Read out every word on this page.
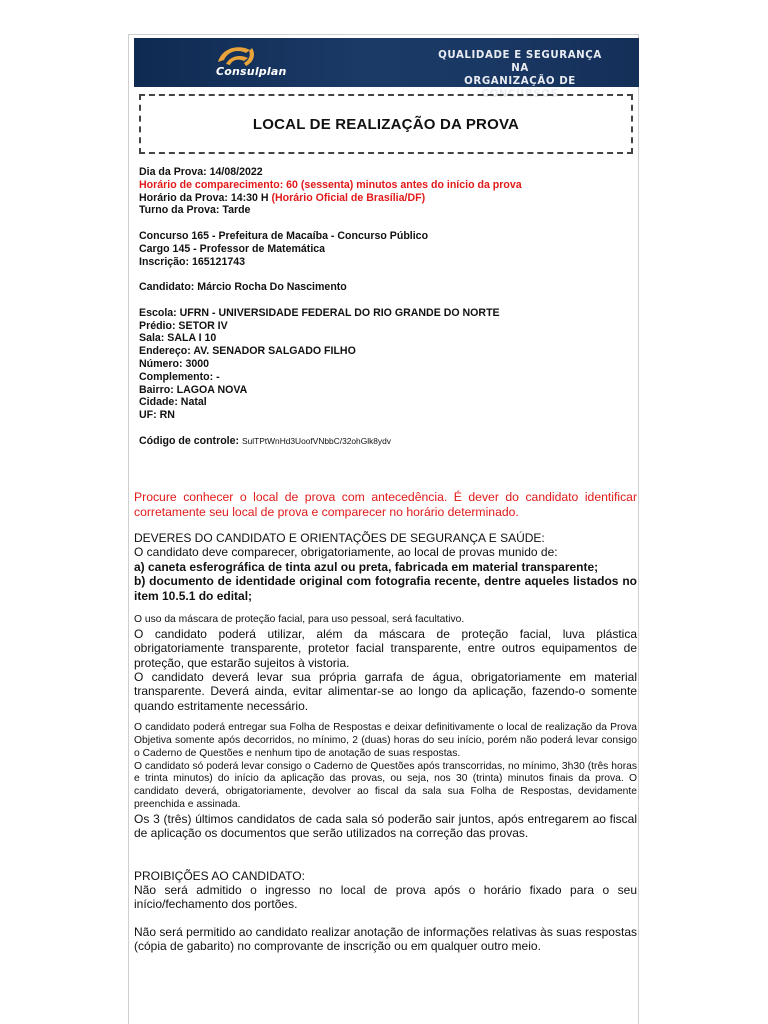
Consulplan
QUALIDADE E SEGURANÇA NA
ORGANIZAÇÃO DE CONCURSOS
LOCAL DE REALIZAÇÃO DA PROVA
Dia da Prova: 14/08/2022
Horário de comparecimento: 60 (sessenta) minutos antes do início da prova
Horário da Prova: 14:30 H (Horário Oficial de Brasília/DF)
Turno da Prova: Tarde
Concurso 165 - Prefeitura de Macaíba - Concurso Público
Cargo 145 - Professor de Matemática
Inscrição: 165121743
Candidato: Márcio Rocha Do Nascimento
Escola: UFRN - UNIVERSIDADE FEDERAL DO RIO GRANDE DO NORTE
Prédio: SETOR IV
Sala: SALA I 10
Endereço: AV. SENADOR SALGADO FILHO
Número: 3000
Complemento: -
Bairro: LAGOA NOVA
Cidade: Natal
UF: RN
Código de controle: SulTPtWnHd3UoofVNbbC/32ohGlk8ydv

Procure conhecer o local de prova com antecedência. É dever do candidato identificar corretamente seu local de prova e comparecer no horário determinado.

DEVERES DO CANDIDATO E ORIENTAÇÕES DE SEGURANÇA E SAÚDE:

O candidato deve comparecer, obrigatoriamente, ao local de provas munido de:

a) caneta esferográfica de tinta azul ou preta, fabricada em material transparente;

b) documento de identidade original com fotografia recente, dentre aqueles listados no item 10.5.1 do edital;

O uso da máscara de proteção facial, para uso pessoal, será facultativo.

O candidato poderá utilizar, além da máscara de proteção facial, luva plástica obrigatoriamente transparente, protetor facial transparente, entre outros equipamentos de proteção, que estarão sujeitos à vistoria.

O candidato deverá levar sua própria garrafa de água, obrigatoriamente em material transparente. Deverá ainda, evitar alimentar-se ao longo da aplicação, fazendo-o somente quando estritamente necessário.

O candidato poderá entregar sua Folha de Respostas e deixar definitivamente o local de realização da Prova Objetiva somente após decorridos, no mínimo, 2 (duas) horas do seu início, porém não poderá levar consigo o Caderno de Questões e nenhum tipo de anotação de suas respostas.

O candidato só poderá levar consigo o Caderno de Questões após transcorridas, no mínimo, 3h30 (três horas e trinta minutos) do início da aplicação das provas, ou seja, nos 30 (trinta) minutos finais da prova. O candidato deverá, obrigatoriamente, devolver ao fiscal da sala sua Folha de Respostas, devidamente preenchida e assinada.

Os 3 (três) últimos candidatos de cada sala só poderão sair juntos, após entregarem ao fiscal de aplicação os documentos que serão utilizados na correção das provas.

PROIBIÇÕES AO CANDIDATO:

Não será admitido o ingresso no local de prova após o horário fixado para o seu início/fechamento dos portões.

Não será permitido ao candidato realizar anotação de informações relativas às suas respostas (cópia de gabarito) no comprovante de inscrição ou em qualquer outro meio.
